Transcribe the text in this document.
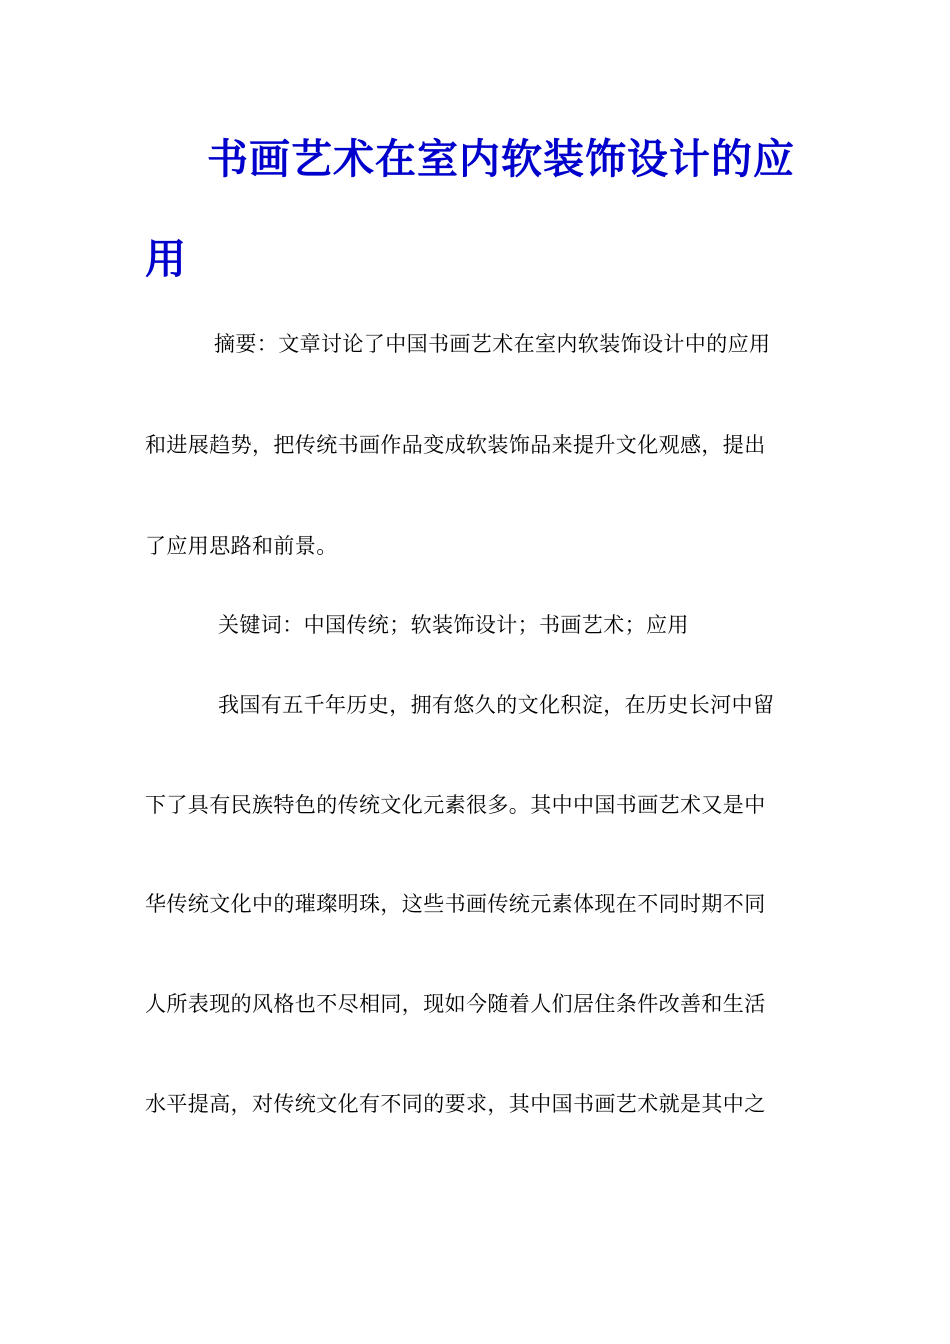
书画艺术在室内软装饰设计的应
用
摘要：文章讨论了中国书画艺术在室内软装饰设计中的应用
和进展趋势，把传统书画作品变成软装饰品来提升文化观感，提出
了应用思路和前景。
关键词：中国传统；软装饰设计；书画艺术；应用
我国有五千年历史，拥有悠久的文化积淀，在历史长河中留
下了具有民族特色的传统文化元素很多。其中中国书画艺术又是中
华传统文化中的璀璨明珠，这些书画传统元素体现在不同时期不同
人所表现的风格也不尽相同，现如今随着人们居住条件改善和生活
水平提高，对传统文化有不同的要求，其中国书画艺术就是其中之
